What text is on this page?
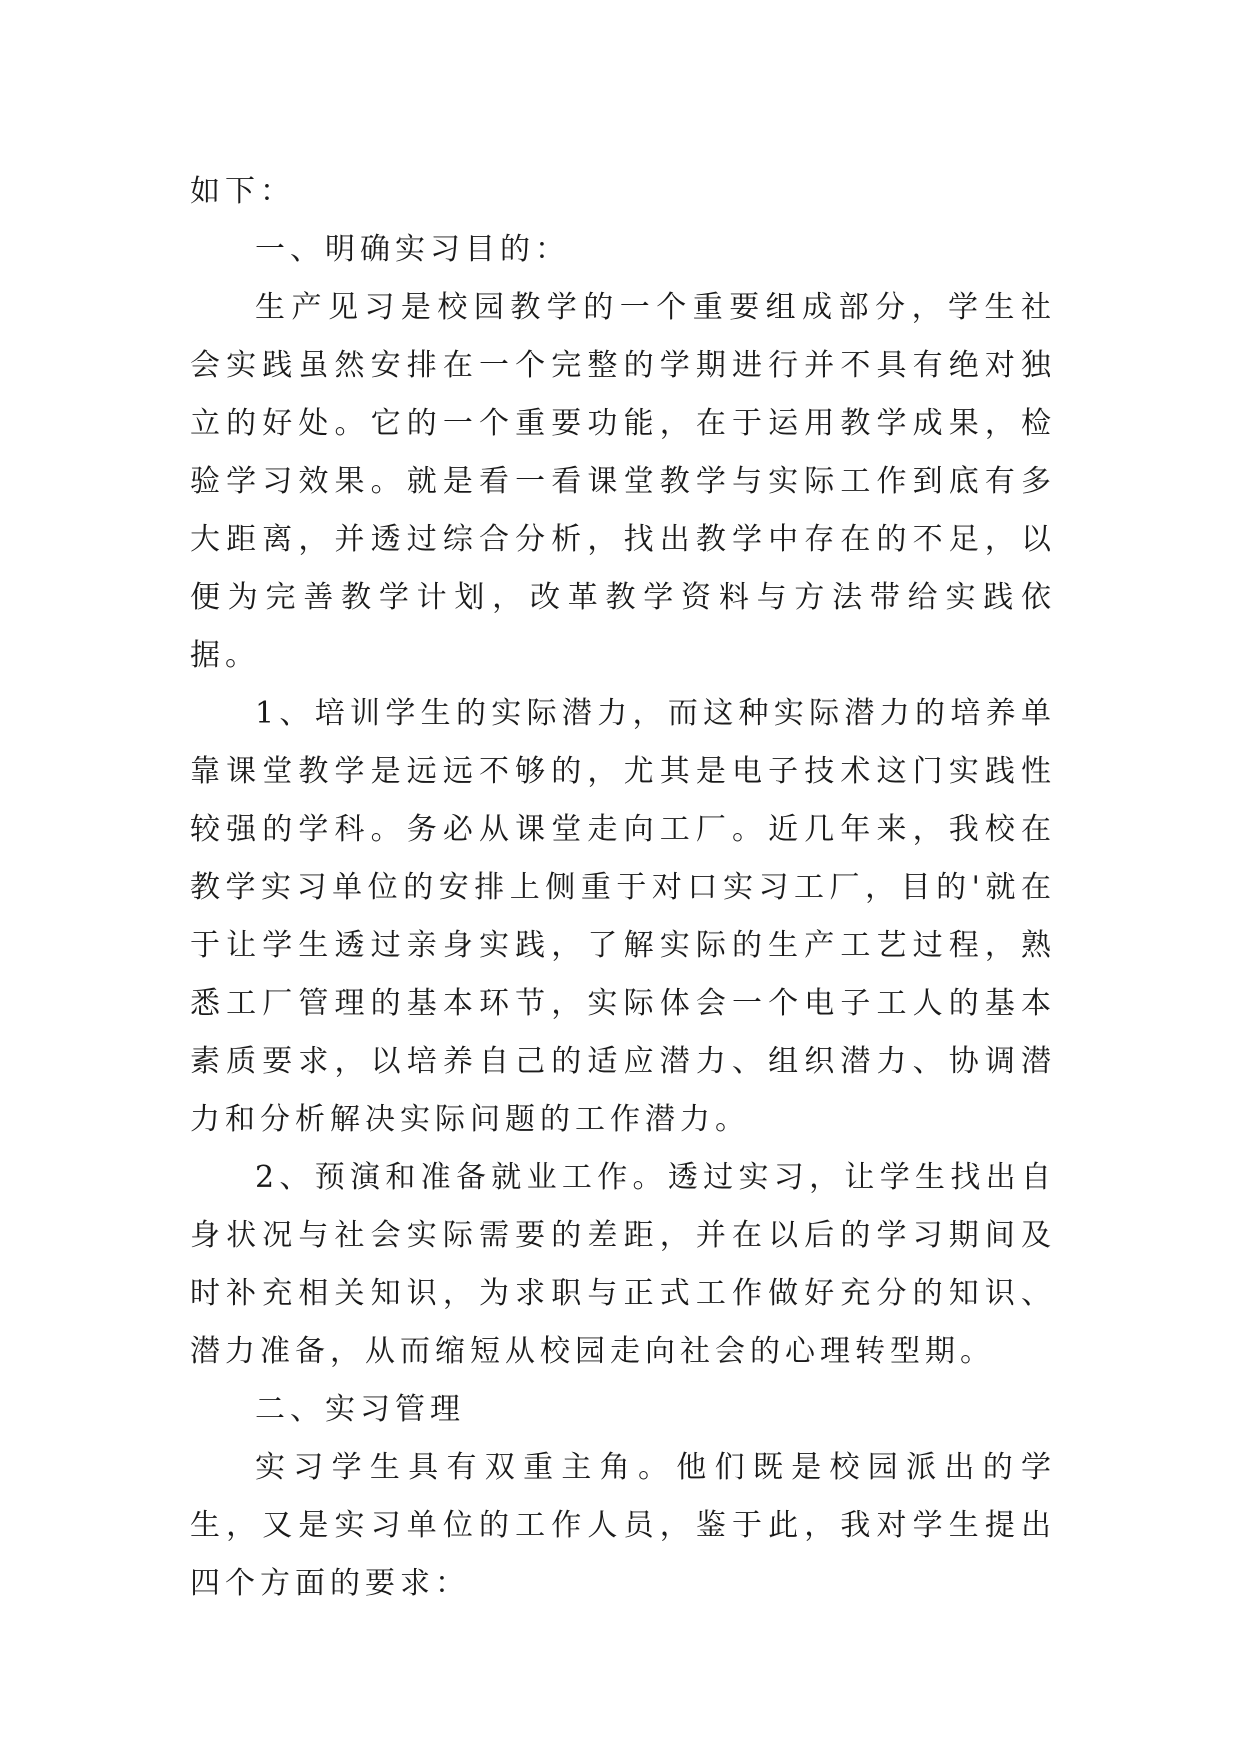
如下：

一、明确实习目的：

生产见习是校园教学的一个重要组成部分，学生社会实践虽然安排在一个完整的学期进行并不具有绝对独立的好处。它的一个重要功能，在于运用教学成果，检验学习效果。就是看一看课堂教学与实际工作到底有多大距离，并透过综合分析，找出教学中存在的不足，以便为完善教学计划，改革教学资料与方法带给实践依据。

1、培训学生的实际潜力，而这种实际潜力的培养单靠课堂教学是远远不够的，尤其是电子技术这门实践性较强的学科。务必从课堂走向工厂。近几年来，我校在教学实习单位的安排上侧重于对口实习工厂，目的'就在于让学生透过亲身实践，了解实际的生产工艺过程，熟悉工厂管理的基本环节，实际体会一个电子工人的基本素质要求，以培养自己的适应潜力、组织潜力、协调潜力和分析解决实际问题的工作潜力。

2、预演和准备就业工作。透过实习，让学生找出自身状况与社会实际需要的差距，并在以后的学习期间及时补充相关知识，为求职与正式工作做好充分的知识、潜力准备，从而缩短从校园走向社会的心理转型期。

二、实习管理

实习学生具有双重主角。他们既是校园派出的学生，又是实习单位的工作人员，鉴于此，我对学生提出四个方面的要求：
